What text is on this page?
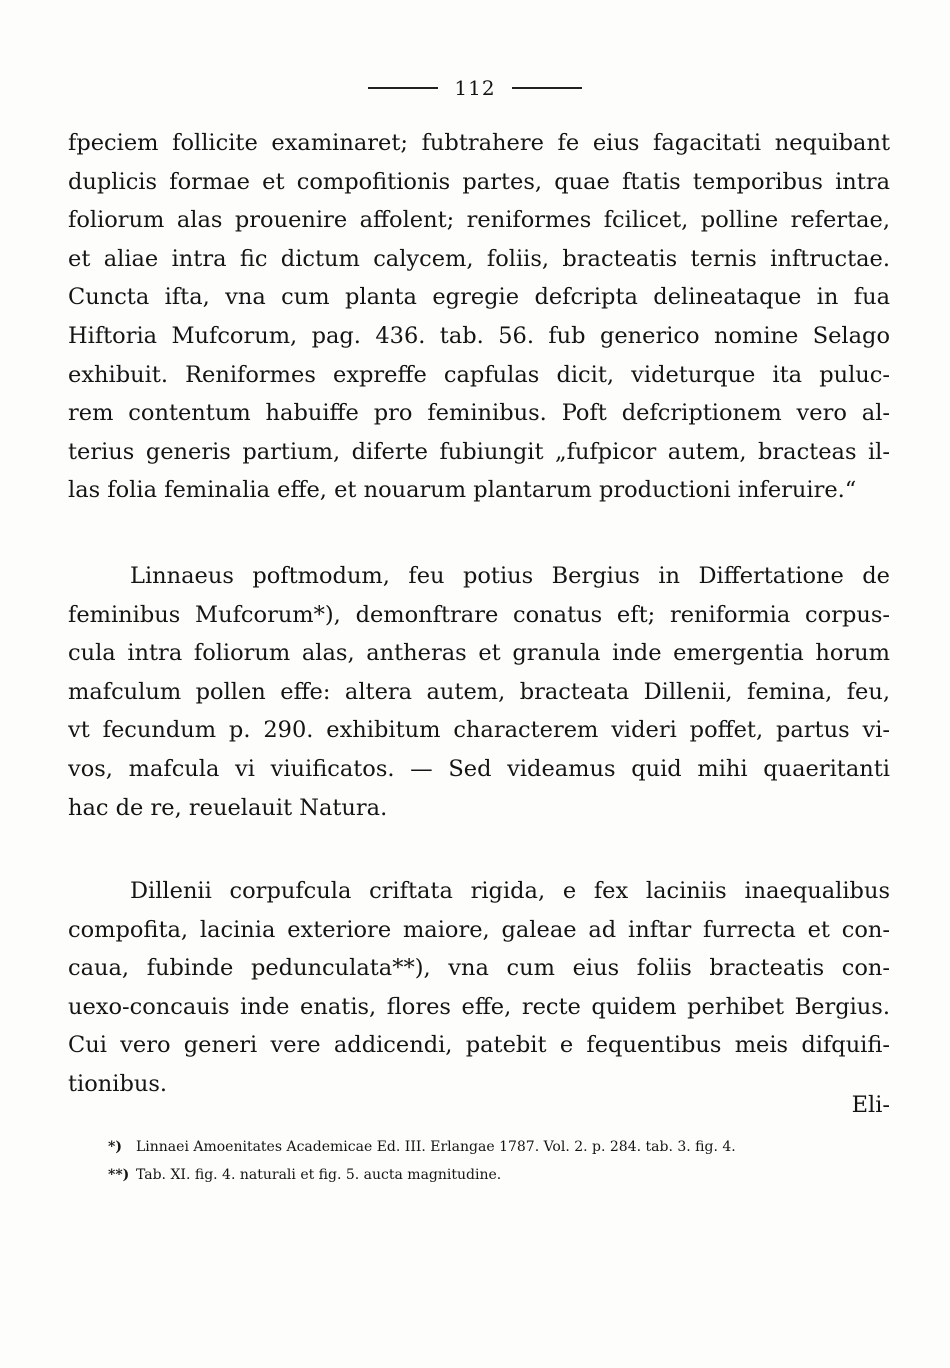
112

fpeciem follicite examinaret; fubtrahere fe eius fagacitati nequibant
duplicis formae et compofitionis partes, quae ftatis temporibus intra
foliorum alas prouenire affolent; reniformes fcilicet, polline refertae,
et aliae intra fic dictum calycem, foliis, bracteatis ternis inftructae.
Cuncta ifta, vna cum planta egregie defcripta delineataque in fua
Hiftoria Mufcorum, pag. 436. tab. 56. fub generico nomine Selago
exhibuit. Reniformes expreffe capfulas dicit, videturque ita puluc-
rem contentum habuiffe pro feminibus. Poft defcriptionem vero al-
terius generis partium, diferte fubiungit „fufpicor autem, bracteas il-
las folia feminalia effe, et nouarum plantarum productioni inferuire.“

Linnaeus poftmodum, feu potius Bergius in Differtatione de
feminibus Mufcorum*), demonftrare conatus eft; reniformia corpus-
cula intra foliorum alas, antheras et granula inde emergentia horum
mafculum pollen effe: altera autem, bracteata Dillenii, femina, feu,
vt fecundum p. 290. exhibitum characterem videri poffet, partus vi-
vos, mafcula vi viuificatos. — Sed videamus quid mihi quaeritanti
hac de re, reuelauit Natura.

Dillenii corpufcula criftata rigida, e fex laciniis inaequalibus
compofita, lacinia exteriore maiore, galeae ad inftar furrecta et con-
caua, fubinde pedunculata**), vna cum eius foliis bracteatis con-
uexo-concauis inde enatis, flores effe, recte quidem perhibet Bergius.
Cui vero generi vere addicendi, patebit e fequentibus meis difquifi-
tionibus.

Eli-
*) Linnaei Amoenitates Academicae Ed. III. Erlangae 1787. Vol. 2. p. 284. tab. 3. fig. 4.
**) Tab. XI. fig. 4. naturali et fig. 5. aucta magnitudine.
